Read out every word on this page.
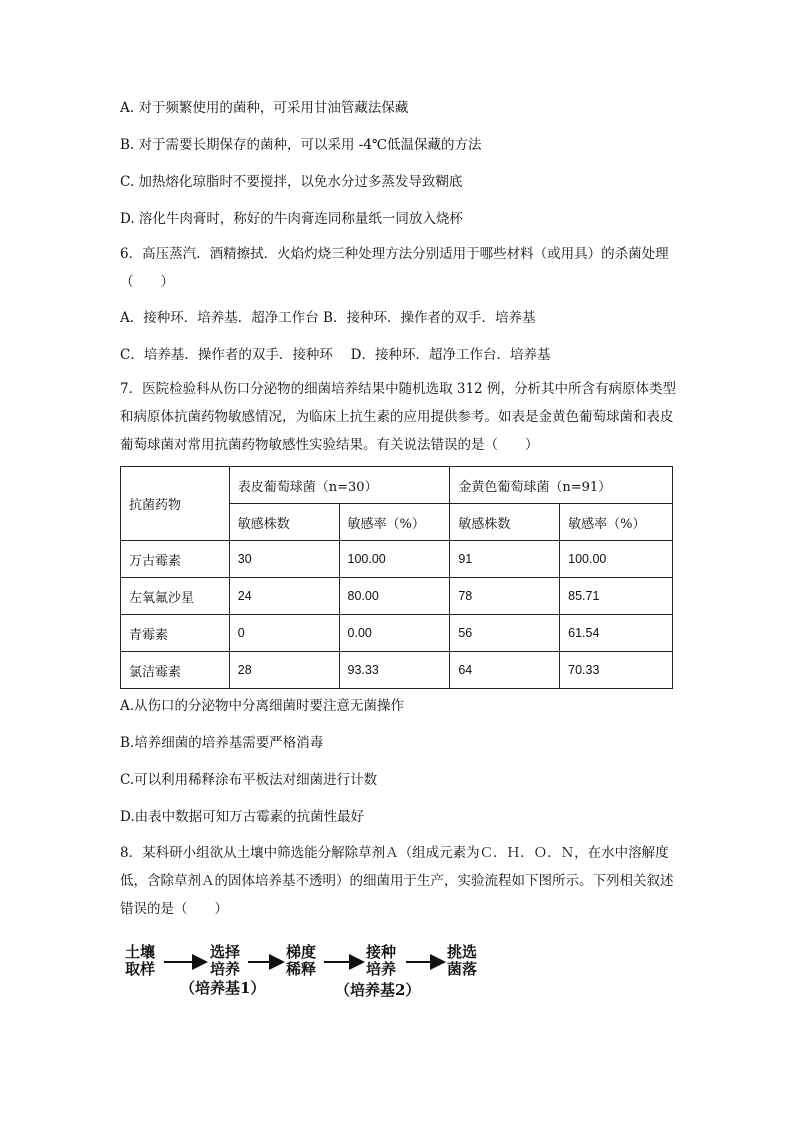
A. 对于频繁使用的菌种，可采用甘油管藏法保藏
B. 对于需要长期保存的菌种，可以采用 -4℃低温保藏的方法
C. 加热熔化琼脂时不要搅拌，以免水分过多蒸发导致糊底
D. 溶化牛肉膏时，称好的牛肉膏连同称量纸一同放入烧杯
6．高压蒸汽．酒精擦拭．火焰灼烧三种处理方法分别适用于哪些材料（或用具）的杀菌处理（　　）
A．接种环．培养基．超净工作台 B．接种环．操作者的双手．培养基
C．培养基．操作者的双手．接种环　 D．接种环．超净工作台．培养基
7．医院检验科从伤口分泌物的细菌培养结果中随机选取 312 例，分析其中所含有病原体类型和病原体抗菌药物敏感情况，为临床上抗生素的应用提供参考。如表是金黄色葡萄球菌和表皮葡萄球菌对常用抗菌药物敏感性实验结果。有关说法错误的是（　　）
抗菌药物	表皮葡萄球菌（n=30）		金黄色葡萄球菌（n=91）	
	敏感株数	敏感率（%）	敏感株数	敏感率（%）
万古霉素	30	100.00	91	100.00
左氧氟沙星	24	80.00	78	85.71
青霉素	0	0.00	56	61.54
氯洁霉素	28	93.33	64	70.33
A.从伤口的分泌物中分离细菌时要注意无菌操作
B.培养细菌的培养基需要严格消毒
C.可以利用稀释涂布平板法对细菌进行计数
D.由表中数据可知万古霉素的抗菌性最好
8．某科研小组欲从土壤中筛选能分解除草剂Ａ（组成元素为Ｃ．Ｈ．Ｏ．Ｎ，在水中溶解度低，含除草剂Ａ的固体培养基不透明）的细菌用于生产，实验流程如下图所示。下列相关叙述错误的是（　　）
土壤
取样
选择
培养
（培养基1）
梯度
稀释
接种
培养
（培养基2）
挑选
菌落
